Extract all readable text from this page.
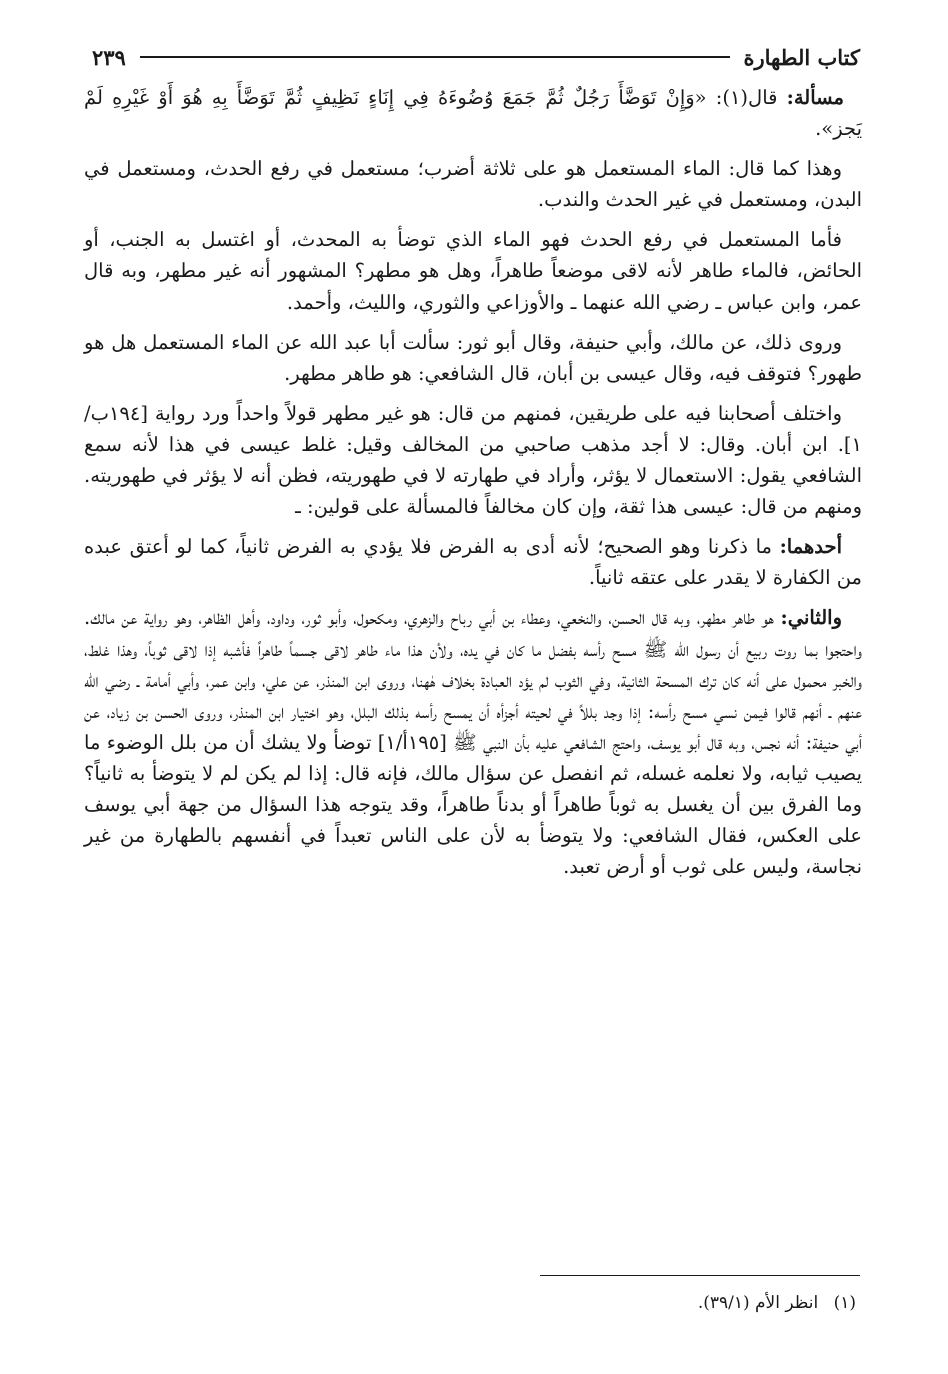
كتاب الطهارة
٢٣٩

مسألة: قال(١): «وَإِنْ تَوَضَّأَ رَجُلٌ ثُمَّ جَمَعَ وُضُوءَهُ فِي إِنَاءٍ نَظِيفٍ ثُمَّ تَوَضَّأَ بِهِ هُوَ أَوْ غَيْرِهِ لَمْ يَجز».

وهذا كما قال: الماء المستعمل هو على ثلاثة أضرب؛ مستعمل في رفع الحدث، ومستعمل في البدن، ومستعمل في غير الحدث والندب.

فأما المستعمل في رفع الحدث فهو الماء الذي توضأ به المحدث، أو اغتسل به الجنب، أو الحائض، فالماء طاهر لأنه لاقى موضعاً طاهراً، وهل هو مطهر؟ المشهور أنه غير مطهر، وبه قال عمر، وابن عباس ـ رضي الله عنهما ـ والأوزاعي والثوري، والليث، وأحمد.

وروى ذلك، عن مالك، وأبي حنيفة، وقال أبو ثور: سألت أبا عبد الله عن الماء المستعمل هل هو طهور؟ فتوقف فيه، وقال عيسى بن أبان، قال الشافعي: هو طاهر مطهر.

واختلف أصحابنا فيه على طريقين، فمنهم من قال: هو غير مطهر قولاً واحداً ورد رواية [١٩٤ب/١]. ابن أبان. وقال: لا أجد مذهب صاحبي من المخالف وقيل: غلط عيسى في هذا لأنه سمع الشافعي يقول: الاستعمال لا يؤثر، وأراد في طهارته لا في طهوريته، فظن أنه لا يؤثر في طهوريته. ومنهم من قال: عيسى هذا ثقة، وإن كان مخالفاً فالمسألة على قولين: ـ

أحدهما: ما ذكرنا وهو الصحيح؛ لأنه أدى به الفرض فلا يؤدي به الفرض ثانياً، كما لو أعتق عبده من الكفارة لا يقدر على عتقه ثانياً.

والثاني: هو طاهر مطهر، وبه قال الحسن، والنخعي، وعطاء بن أبي رباح والزهري، ومكحول، وأبو ثور، وداود، وأهل الظاهر، وهو رواية عن مالك. واحتجوا بما روت ربيع أن رسول الله ﷺ مسح رأسه بفضل ما كان في يده، ولأن هذا ماء طاهر لاقى جسماً طاهراً فأشبه إذا لاقى ثوباً، وهذا غلط، والخبر محمول على أنه كان ترك المسحة الثانية، وفي الثوب لم يؤد العبادة بخلاف هٰهنا، وروى ابن المنذر، عن علي، وابن عمر، وأبي أمامة ـ رضي الله عنهم ـ أنهم قالوا فيمن نسي مسح رأسه: إذا وجد بللاً في لحيته أجزأه أن يمسح رأسه بذلك البلل، وهو اختيار ابن المنذر، وروى الحسن بن زياد، عن أبي حنيفة: أنه نجس، وبه قال أبو يوسف، واحتج الشافعي عليه بأن النبي ﷺ [١٩٥أ/١] توضأ ولا يشك أن من بلل الوضوء ما يصيب ثيابه، ولا نعلمه غسله، ثم انفصل عن سؤال مالك، فإنه قال: إذا لم يكن لم لا يتوضأ به ثانياً؟ وما الفرق بين أن يغسل به ثوباً طاهراً أو بدناً طاهراً، وقد يتوجه هذا السؤال من جهة أبي يوسف على العكس، فقال الشافعي: ولا يتوضأ به لأن على الناس تعبداً في أنفسهم بالطهارة من غير نجاسة، وليس على ثوب أو أرض تعبد.

(١) انظر الأم (٣٩/١).
